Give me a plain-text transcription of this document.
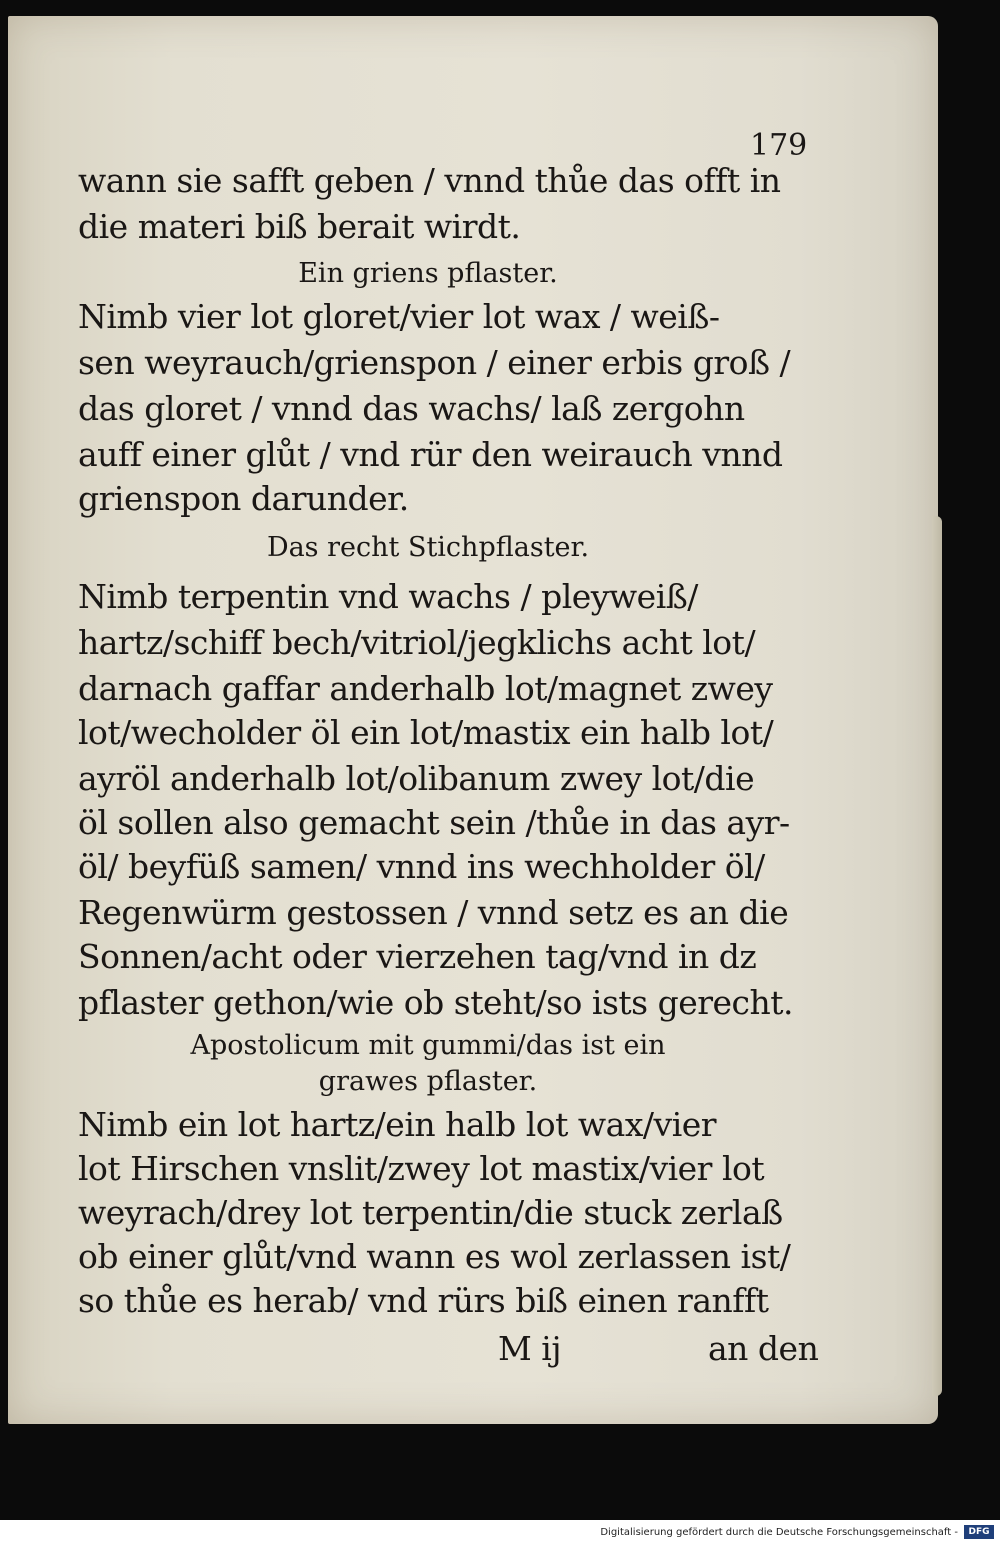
179
wann sie safft geben / vnnd thůe das offt in
die materi biß berait wirdt.
Ein griens pflaster.
Nimb vier lot gloret/vier lot wax / weiß-
sen weyrauch/grienspon / einer erbis groß /
das gloret / vnnd das wachs/ laß zergohn
auff einer glůt / vnd rür den weirauch vnnd
grienspon darunder.
Das recht Stichpflaster.
Nimb terpentin vnd wachs / pleyweiß/
hartz/schiff bech/vitriol/jegklichs acht lot/
darnach gaffar anderhalb lot/magnet zwey
lot/wecholder öl ein lot/mastix ein halb lot/
ayröl anderhalb lot/olibanum zwey lot/die
öl sollen also gemacht sein /thůe in das ayr-
öl/ beyfüß samen/ vnnd ins wechholder öl/
Regenwürm gestossen / vnnd setz es an die
Sonnen/acht oder vierzehen tag/vnd in dz
pflaster gethon/wie ob steht/so ists gerecht.
Apostolicum mit gummi/das ist ein
grawes pflaster.
Nimb ein lot hartz/ein halb lot wax/vier
lot Hirschen vnslit/zwey lot mastix/vier lot
weyrach/drey lot terpentin/die stuck zerlaß
ob einer glůt/vnd wann es wol zerlassen ist/
so thůe es herab/ vnd rürs biß einen ranfft
M ij	an den
Digitalisierung gefördert durch die Deutsche Forschungsgemeinschaft -	DFG
